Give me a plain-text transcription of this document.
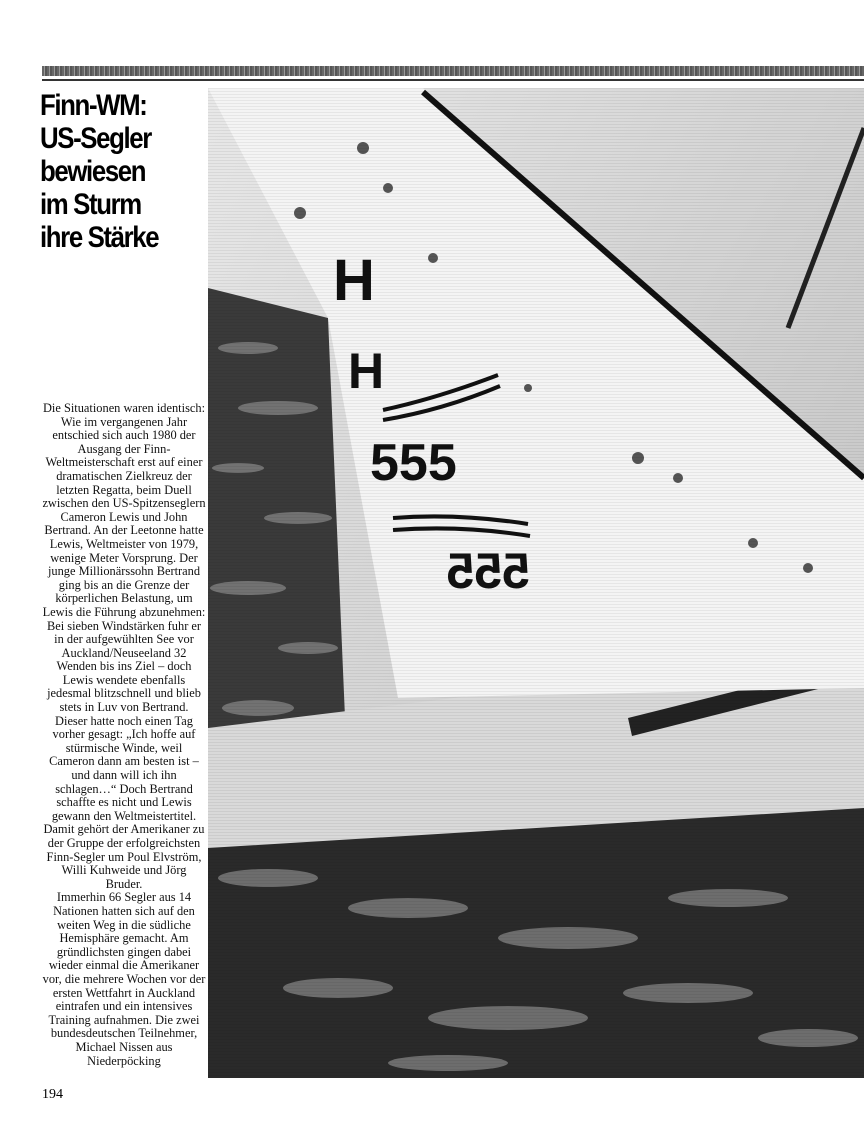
Finn-WM:
US-Segler
bewiesen
im Sturm
ihre Stärke

Die Situationen waren identisch: Wie im vergangenen Jahr entschied sich auch 1980 der Ausgang der Finn-Weltmeisterschaft erst auf einer dramatischen Zielkreuz der letzten Regatta, beim Duell zwischen den US-Spitzenseglern Cameron Lewis und John Bertrand. An der Leetonne hatte Lewis, Weltmeister von 1979, wenige Meter Vorsprung. Der junge Millionärssohn Bertrand ging bis an die Grenze der körperlichen Belastung, um Lewis die Führung abzunehmen: Bei sieben Windstärken fuhr er in der aufgewühlten See vor Auckland/Neuseeland 32 Wenden bis ins Ziel – doch Lewis wendete ebenfalls jedesmal blitzschnell und blieb stets in Luv von Bertrand. Dieser hatte noch einen Tag vorher gesagt: „Ich hoffe auf stürmische Winde, weil Cameron dann am besten ist – und dann will ich ihn schlagen…“ Doch Bertrand schaffte es nicht und Lewis gewann den Weltmeistertitel. Damit gehört der Amerikaner zu der Gruppe der erfolgreichsten Finn-Segler um Poul Elvström, Willi Kuhweide und Jörg Bruder.

Immerhin 66 Segler aus 14 Nationen hatten sich auf den weiten Weg in die südliche Hemisphäre gemacht. Am gründlichsten gingen dabei wieder einmal die Amerikaner vor, die mehrere Wochen vor der ersten Wettfahrt in Auckland eintrafen und ein intensives Training aufnahmen. Die zwei bundesdeutschen Teilnehmer, Michael Nissen aus Niederpöcking

194
